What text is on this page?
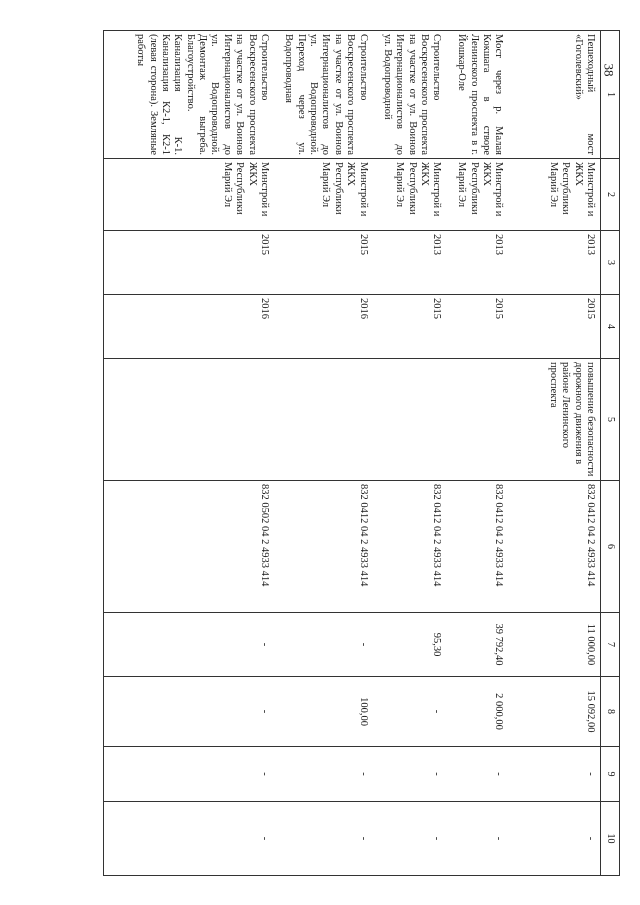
38
1	2	3	4	5	6	7	8	9	10
Пешеходный мост «Гоголевский»	Минстрой и ЖКХ Республики Марий Эл	2013	2015	повышение безопасности дорожного движения в районе Ленинского проспекта	832 0412 04 2 4933 414	11 000,00	15 092,00	-	-
Мост через р. Малая Кокшага в створе Ленинского проспекта в г. Йошкар-Оле	Минстрой и ЖКХ Республики Марий Эл	2013	2015		832 0412 04 2 4933 414	39 792,40	2 000,00	-	-
Строительство Воскресенского проспекта на участке от ул. Воинов Интернационалистов до ул. Водопроводной	Минстрой и ЖКХ Республики Марий Эл	2013	2015		832 0412 04 2 4933 414	95,30	-	-	-
Строительство Воскресенского проспекта на участке от ул. Воинов Интернационалистов до ул. Водопроводной. Переход через ул. Водопроводная	Минстрой и ЖКХ Республики Марий Эл	2015	2016		832 0412 04 2 4933 414	-	100,00	-	-
Строительство Воскресенского проспекта на участке от ул. Воинов Интернационалистов до ул. Водопроводной. Демонтаж выгреба. Благоустройство. Канализация К-1. Канализация К2-1, К2-1 (левая сторона). Земляные работы	Минстрой и ЖКХ Республики Марий Эл	2015	2016		832 0502 04 2 4933 414	-	-	-	-
